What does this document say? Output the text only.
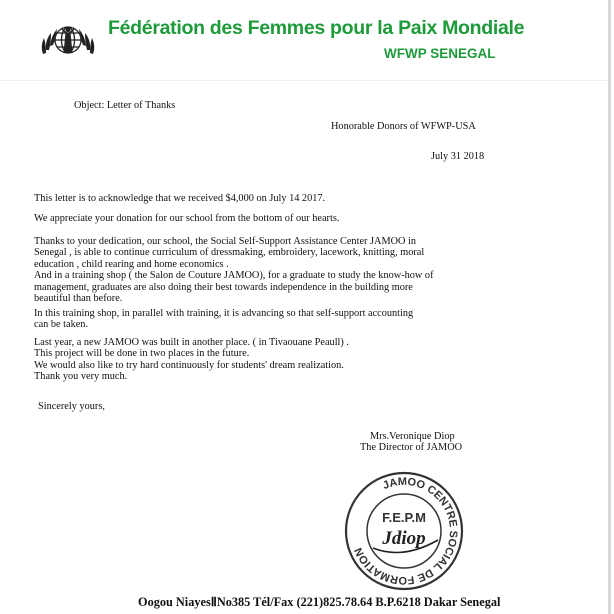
Fédération des Femmes pour la Paix Mondiale
WFWP SENEGAL
Object: Letter of Thanks
Honorable Donors of WFWP-USA
July 31 2018
This letter is to acknowledge that we received $4,000 on July 14 2017.
We appreciate your donation for our school from the bottom of our hearts.
Thanks to your dedication, our school, the Social Self-Support Assistance Center JAMOO in
Senegal , is able to continue curriculum of dressmaking, embroidery, lacework, knitting, moral
education , child rearing and home economics .
And in a training shop ( the Salon de Couture JAMOO), for a graduate to study the know-how of
management, graduates are also doing their best towards independence in the building more
beautiful than before.
In this training shop, in parallel with training, it is advancing so that self-support accounting
can be taken.
Last year, a new JAMOO was built in another place. ( in Tivaouane Peaull) .
This project will be done in two places in the future.
We would also like to try hard continuously for students' dream realization.
Thank you very much.
Sincerely yours,
Mrs.Veronique Diop
The Director of JAMOO
JAMOO CENTRE SOCIAL DE FORMATION
F.E.P.M
Jdiop
Oogou NiayesⅡNo385 Tél/Fax (221)825.78.64 B.P.6218 Dakar Senegal
